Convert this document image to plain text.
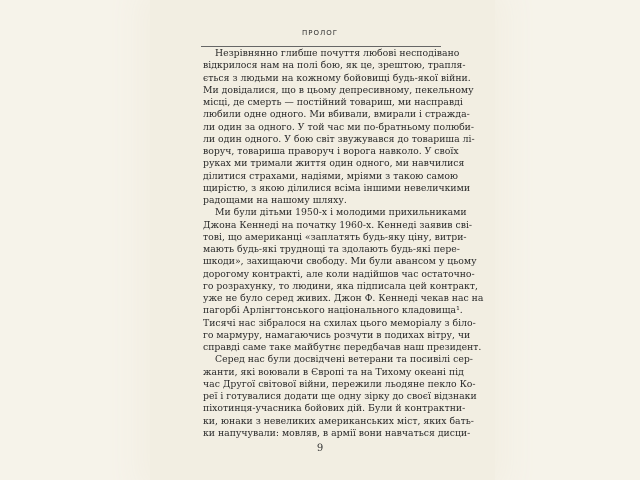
ПРОЛОГ
Незрівнянно глибше почуття любові несподівано
відкрилося нам на полі бою, як це, зрештою, трапля-
ється з людьми на кожному бойовищі будь-якої війни.
Ми довідалися, що в цьому депресивному, пекельному
місці, де смерть — постійний товариш, ми насправді
любили одне одного. Ми вбивали, вмирали і стражда-
ли один за одного. У той час ми по-братньому полюби-
ли один одного. У бою світ звужувався до товариша лі-
воруч, товариша праворуч і ворога навколо. У своїх
руках ми тримали життя один одного, ми навчилися
ділитися страхами, надіями, мріями з такою самою
щирістю, з якою ділилися всіма іншими невеличкими
радощами на нашому шляху.
Ми були дітьми 1950-х і молодими прихильниками
Джона Кеннеді на початку 1960-х. Кеннеді заявив сві-
тові, що американці «заплатять будь-яку ціну, витри-
мають будь-які труднощі та здолають будь-які пере-
шкоди», захищаючи свободу. Ми були авансом у цьому
дорогому контракті, але коли надійшов час остаточно-
го розрахунку, то людини, яка підписала цей контракт,
уже не було серед живих. Джон Ф. Кеннеді чекав нас на
пагорбі Арлінгтонського національного кладовища¹.
Тисячі нас зібралося на схилах цього меморіалу з біло-
го мармуру, намагаючись розчути в подихах вітру, чи
справді саме таке майбутнє передбачав наш президент.
Серед нас були досвідчені ветерани та посивілі сер-
жанти, які воювали в Європі та на Тихому океані під
час Другої світової війни, пережили льодяне пекло Ко-
реї і готувалися додати ще одну зірку до своєї відзнаки
піхотинця-учасника бойових дій. Були й контрактни-
ки, юнаки з невеликих американських міст, яких бать-
ки напучували: мовляв, в армії вони навчаться дисци-
9
